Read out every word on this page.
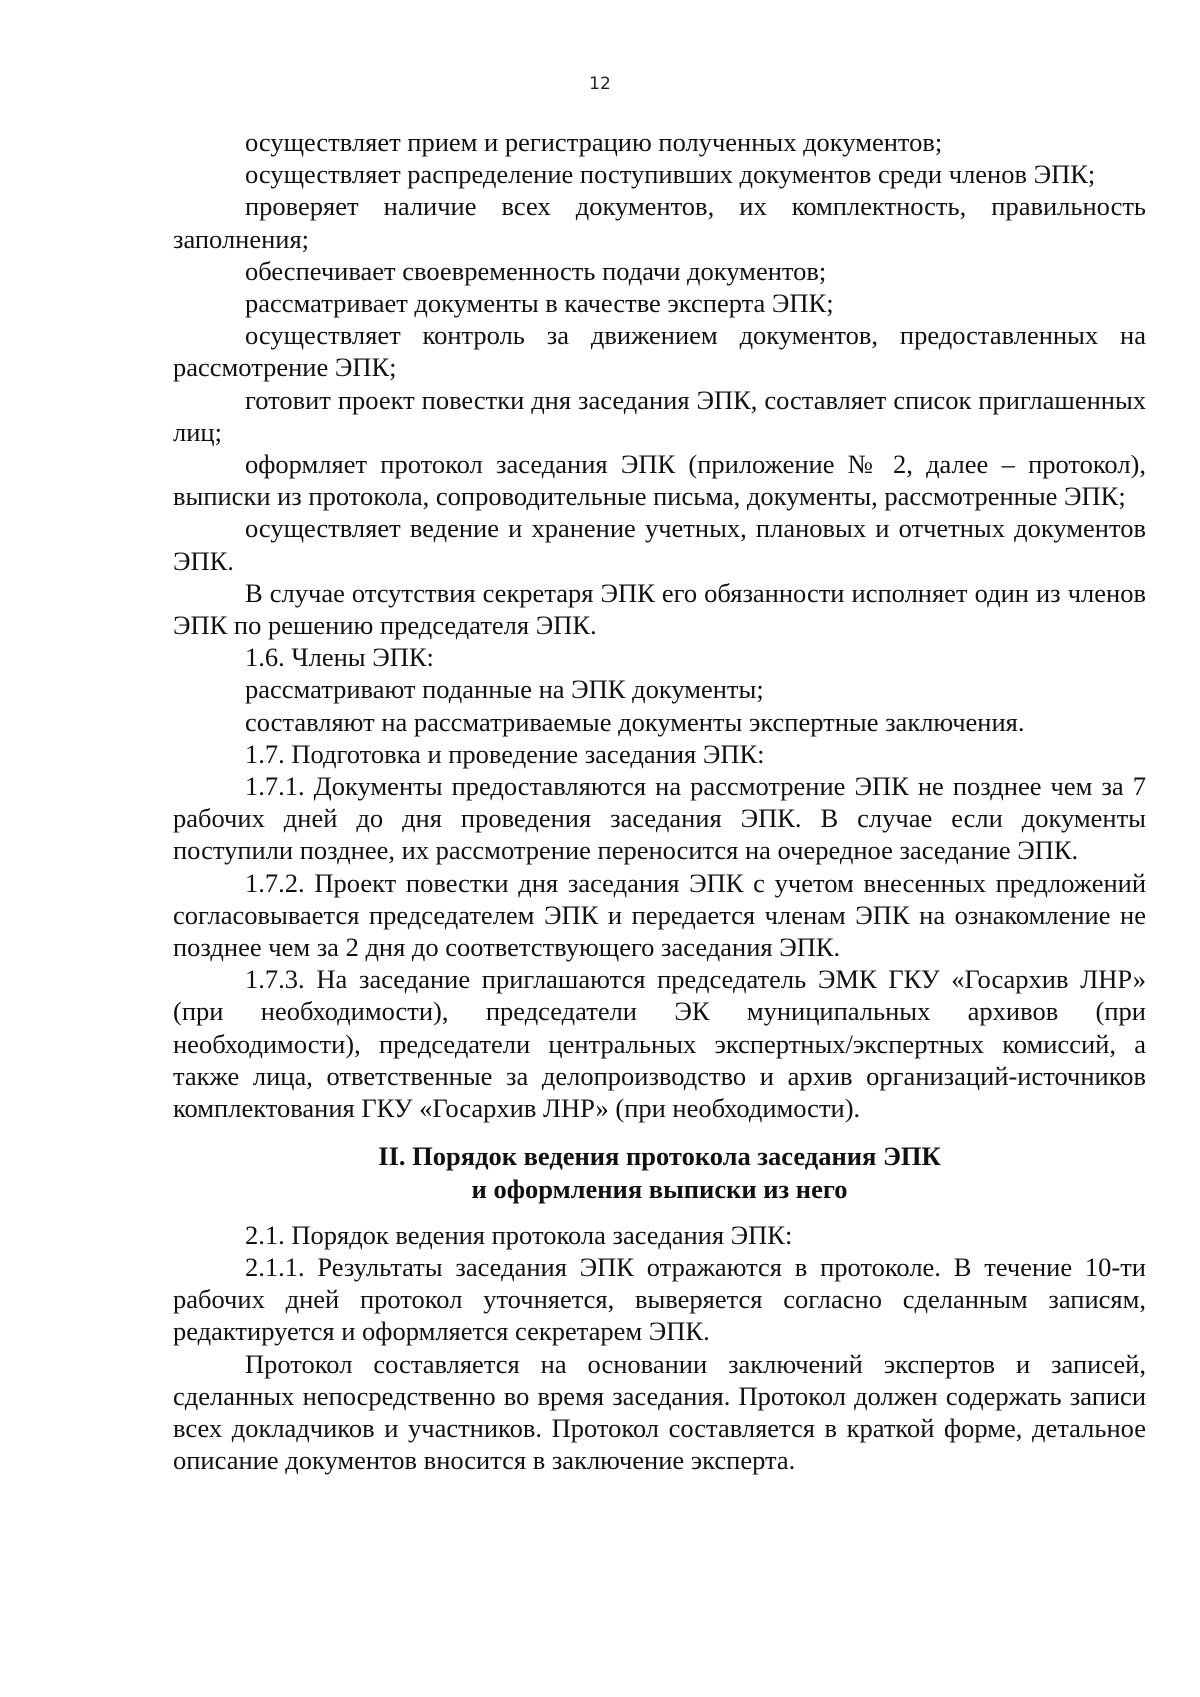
12

осуществляет прием и регистрацию полученных документов;

осуществляет распределение поступивших документов среди членов ЭПК;

проверяет наличие всех документов, их комплектность, правильность заполнения;

обеспечивает своевременность подачи документов;

рассматривает документы в качестве эксперта ЭПК;

осуществляет контроль за движением документов, предоставленных на рассмотрение ЭПК;

готовит проект повестки дня заседания ЭПК, составляет список приглашенных лиц;

оформляет протокол заседания ЭПК (приложение № 2, далее – протокол), выписки из протокола, сопроводительные письма, документы, рассмотренные ЭПК;

осуществляет ведение и хранение учетных, плановых и отчетных документов ЭПК.

В случае отсутствия секретаря ЭПК его обязанности исполняет один из членов ЭПК по решению председателя ЭПК.

1.6. Члены ЭПК:

рассматривают поданные на ЭПК документы;

составляют на рассматриваемые документы экспертные заключения.

1.7. Подготовка и проведение заседания ЭПК:

1.7.1. Документы предоставляются на рассмотрение ЭПК не позднее чем за 7 рабочих дней до дня проведения заседания ЭПК. В случае если документы поступили позднее, их рассмотрение переносится на очередное заседание ЭПК.

1.7.2. Проект повестки дня заседания ЭПК с учетом внесенных предложений согласовывается председателем ЭПК и передается членам ЭПК на ознакомление не позднее чем за 2 дня до соответствующего заседания ЭПК.

1.7.3. На заседание приглашаются председатель ЭМК ГКУ «Госархив ЛНР» (при необходимости), председатели ЭК муниципальных архивов (при необходимости), председатели центральных экспертных/экспертных комиссий, а также лица, ответственные за делопроизводство и архив организаций-источников комплектования ГКУ «Госархив ЛНР» (при необходимости).

II. Порядок ведения протокола заседания ЭПК
и оформления выписки из него

2.1. Порядок ведения протокола заседания ЭПК:

2.1.1. Результаты заседания ЭПК отражаются в протоколе. В течение 10-ти рабочих дней протокол уточняется, выверяется согласно сделанным записям, редактируется и оформляется секретарем ЭПК.

Протокол составляется на основании заключений экспертов и записей, сделанных непосредственно во время заседания. Протокол должен содержать записи всех докладчиков и участников. Протокол составляется в краткой форме, детальное описание документов вносится в заключение эксперта.
